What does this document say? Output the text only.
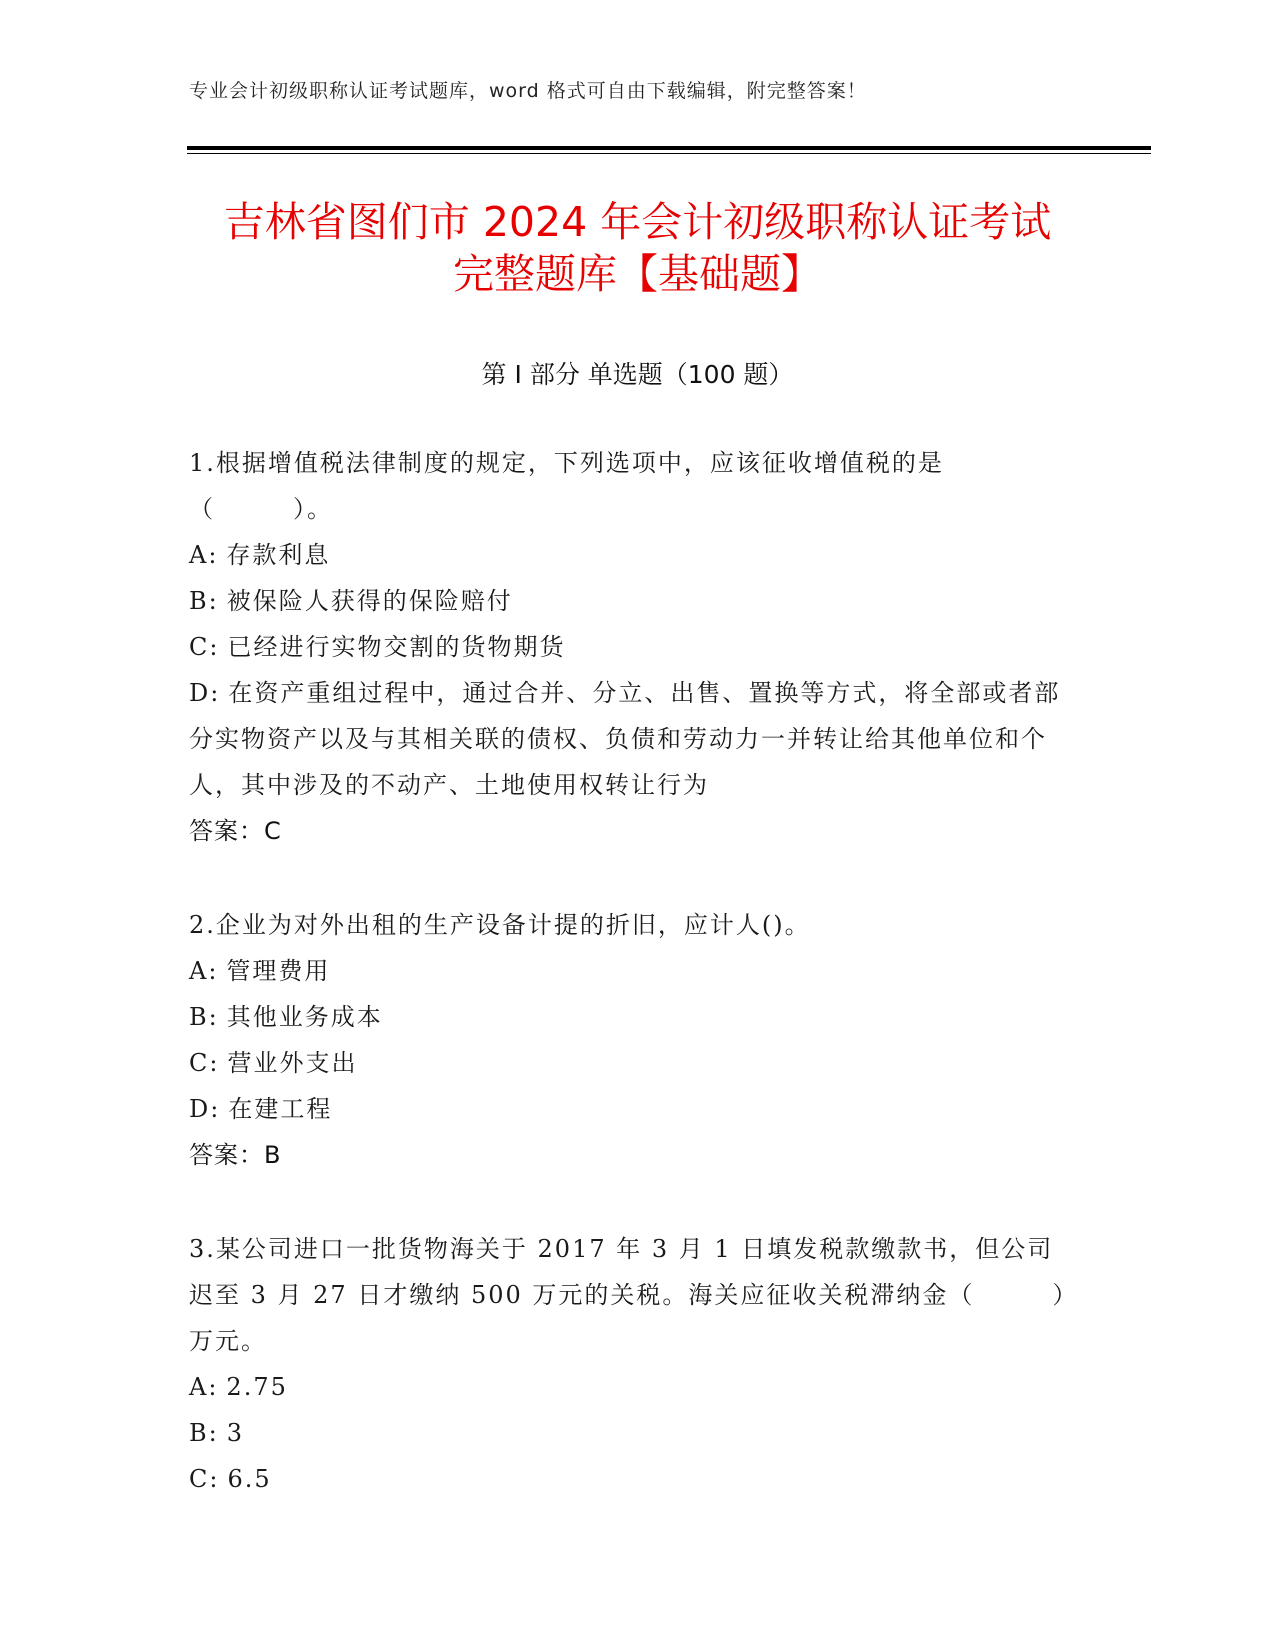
专业会计初级职称认证考试题库，word 格式可自由下载编辑，附完整答案！
吉林省图们市 2024 年会计初级职称认证考试
完整题库【基础题】
第 I 部分 单选题（100 题）
1.根据增值税法律制度的规定，下列选项中，应该征收增值税的是（　　　）。
A: 存款利息
B: 被保险人获得的保险赔付
C: 已经进行实物交割的货物期货
D: 在资产重组过程中，通过合并、分立、出售、置换等方式，将全部或者部分实物资产以及与其相关联的债权、负债和劳动力一并转让给其他单位和个人，其中涉及的不动产、土地使用权转让行为
答案：C
2.企业为对外出租的生产设备计提的折旧，应计人()。
A: 管理费用
B: 其他业务成本
C: 营业外支出
D: 在建工程
答案：B
3.某公司进口一批货物海关于 2017 年 3 月 1 日填发税款缴款书，但公司迟至 3 月 27 日才缴纳 500 万元的关税。海关应征收关税滞纳金（　　　）万元。
A: 2.75
B: 3
C: 6.5
